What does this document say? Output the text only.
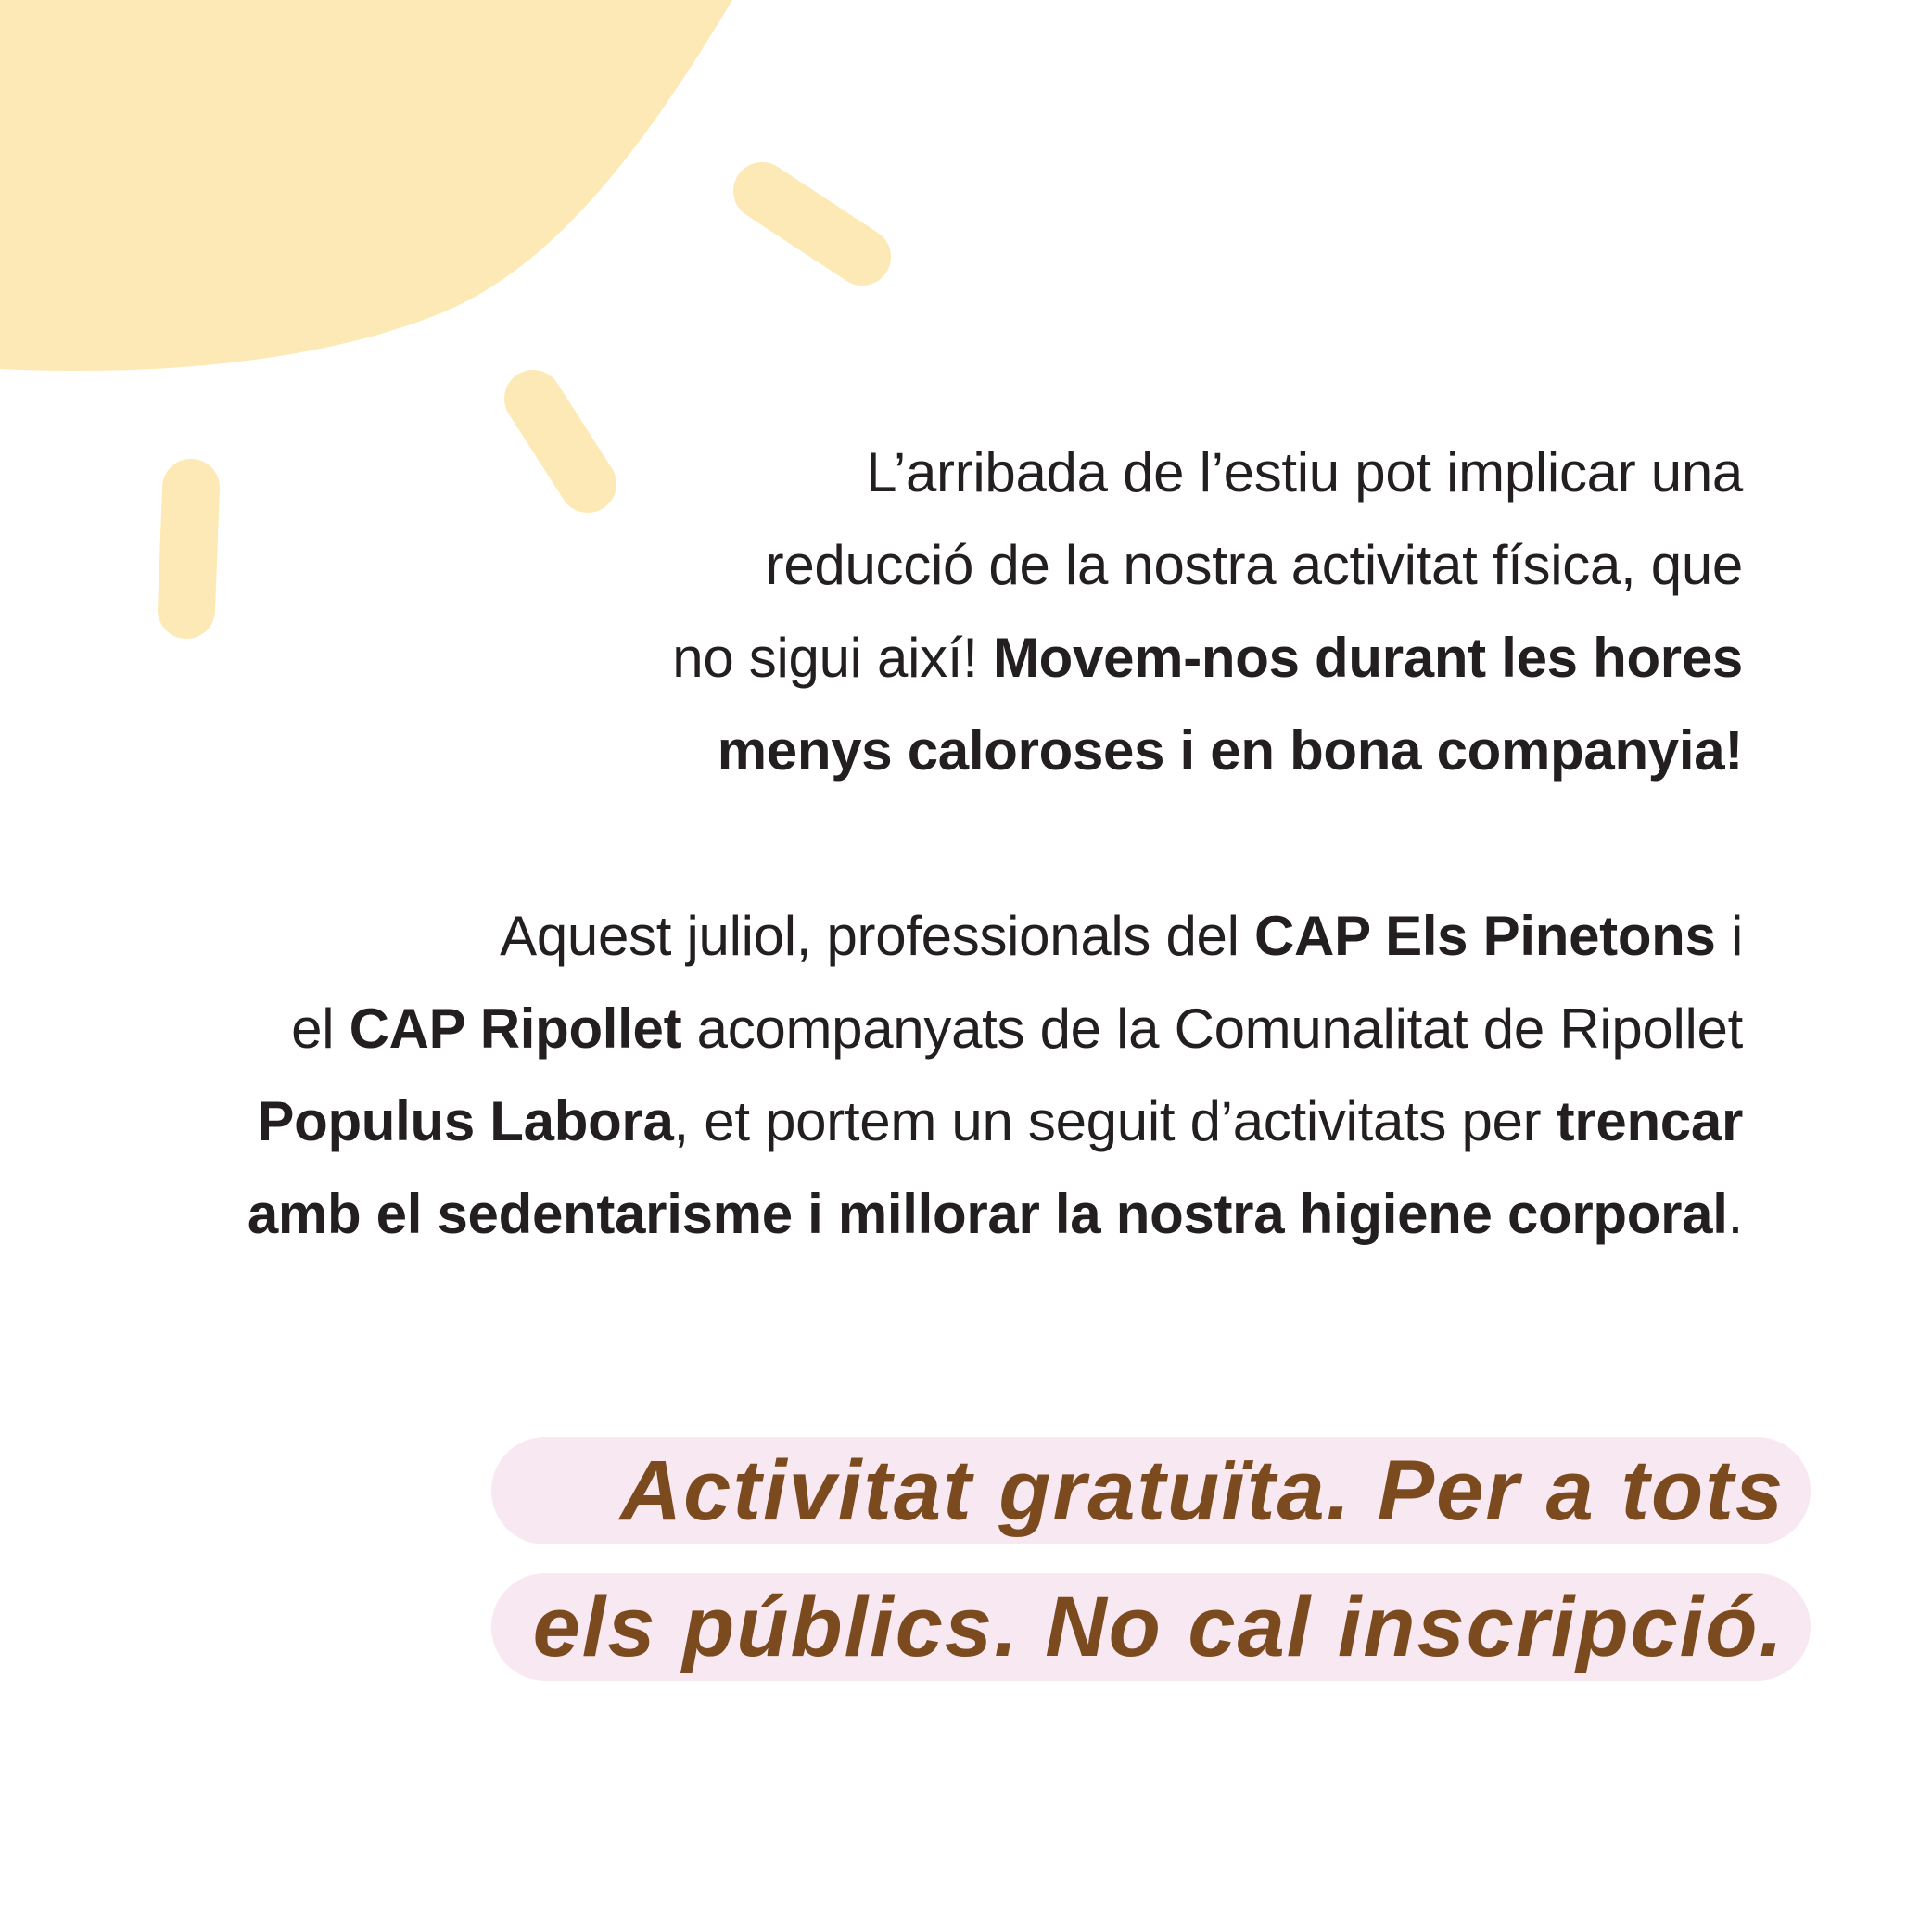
L’arribada de l’estiu pot implicar una
reducció de la nostra activitat física, que
no sigui així! Movem-nos durant les hores
menys caloroses i en bona companyia!
Aquest juliol, professionals del CAP Els Pinetons i
el CAP Ripollet acompanyats de la Comunalitat de Ripollet
Populus Labora, et portem un seguit d’activitats per trencar
amb el sedentarisme i millorar la nostra higiene corporal.
Activitat gratuïta. Per a tots
els públics. No cal inscripció.
